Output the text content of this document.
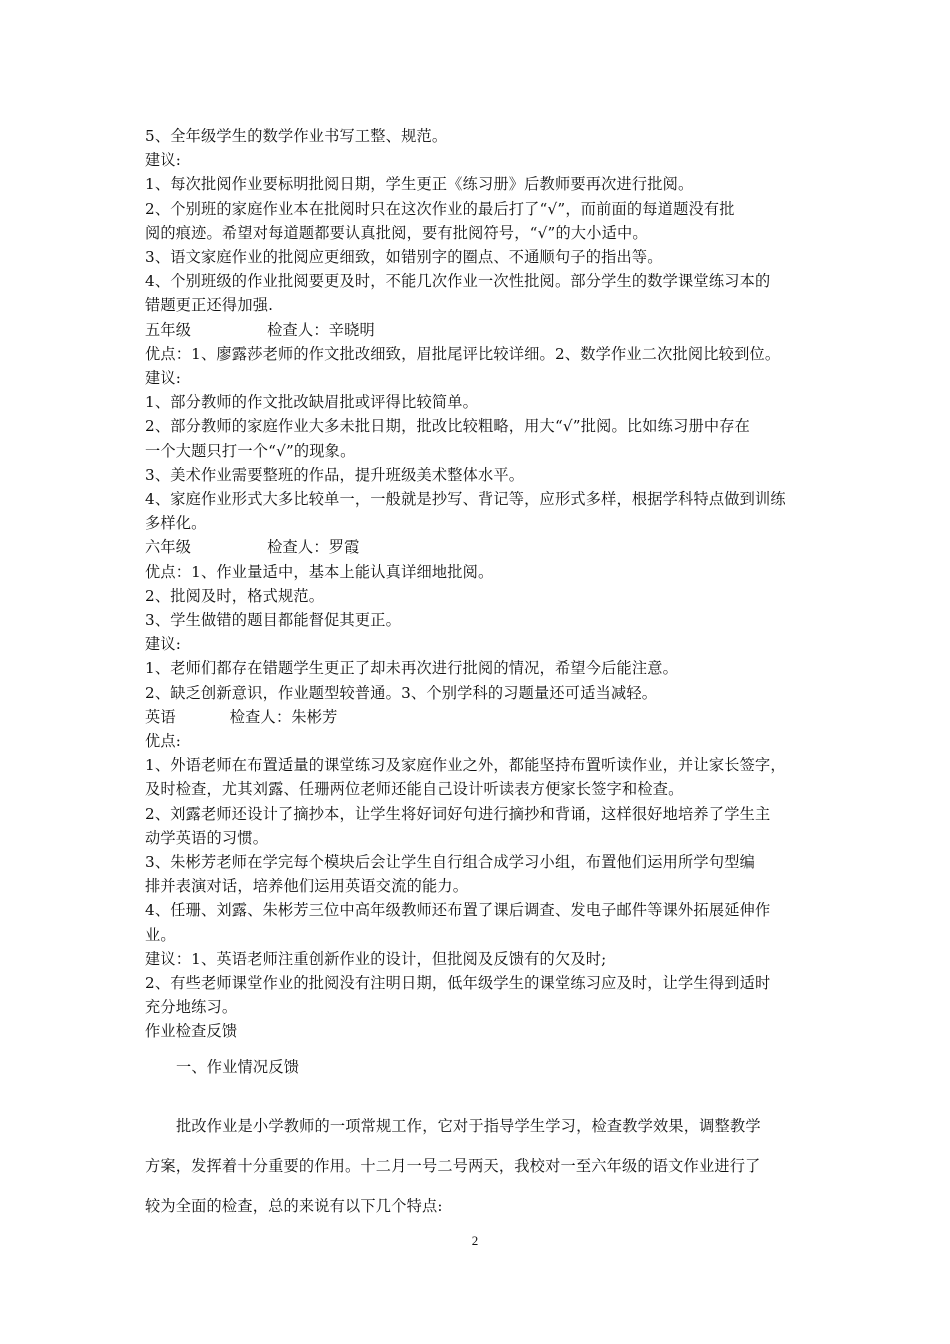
5、全年级学生的数学作业书写工整、规范。
建议:
1、每次批阅作业要标明批阅日期，学生更正《练习册》后教师要再次进行批阅。
2、个别班的家庭作业本在批阅时只在这次作业的最后打了“√”，而前面的每道题没有批
阅的痕迹。希望对每道题都要认真批阅，要有批阅符号，“√”的大小适中。
3、语文家庭作业的批阅应更细致，如错别字的圈点、不通顺句子的指出等。
4、个别班级的作业批阅要更及时，不能几次作业一次性批阅。部分学生的数学课堂练习本的
错题更正还得加强.
五年级	检查人：辛晓明
优点：1、廖露莎老师的作文批改细致，眉批尾评比较详细。2、数学作业二次批阅比较到位。
建议:
1、部分教师的作文批改缺眉批或评得比较简单。
2、部分教师的家庭作业大多未批日期，批改比较粗略，用大“√”批阅。比如练习册中存在
一个大题只打一个“√”的现象。
3、美术作业需要整班的作品，提升班级美术整体水平。
4、家庭作业形式大多比较单一，一般就是抄写、背记等，应形式多样，根据学科特点做到训练
多样化。
六年级	检查人：罗霞
优点：1、作业量适中，基本上能认真详细地批阅。
2、批阅及时，格式规范。
3、学生做错的题目都能督促其更正。
建议:
1、老师们都存在错题学生更正了却未再次进行批阅的情况，希望今后能注意。
2、缺乏创新意识，作业题型较普通。3、个别学科的习题量还可适当减轻。
英语	检查人：朱彬芳
优点:
1、外语老师在布置适量的课堂练习及家庭作业之外，都能坚持布置听读作业，并让家长签字，
及时检查，尤其刘露、任珊两位老师还能自己设计听读表方便家长签字和检查。
2、刘露老师还设计了摘抄本，让学生将好词好句进行摘抄和背诵，这样很好地培养了学生主
动学英语的习惯。
3、朱彬芳老师在学完每个模块后会让学生自行组合成学习小组，布置他们运用所学句型编
排并表演对话，培养他们运用英语交流的能力。
4、任珊、刘露、朱彬芳三位中高年级教师还布置了课后调查、发电子邮件等课外拓展延伸作
业。
建议：1、英语老师注重创新作业的设计，但批阅及反馈有的欠及时;
2、有些老师课堂作业的批阅没有注明日期，低年级学生的课堂练习应及时，让学生得到适时
充分地练习。
作业检查反馈
一、作业情况反馈
批改作业是小学教师的一项常规工作，它对于指导学生学习，检查教学效果，调整教学
方案，发挥着十分重要的作用。十二月一号二号两天，我校对一至六年级的语文作业进行了
较为全面的检查，总的来说有以下几个特点:
2
